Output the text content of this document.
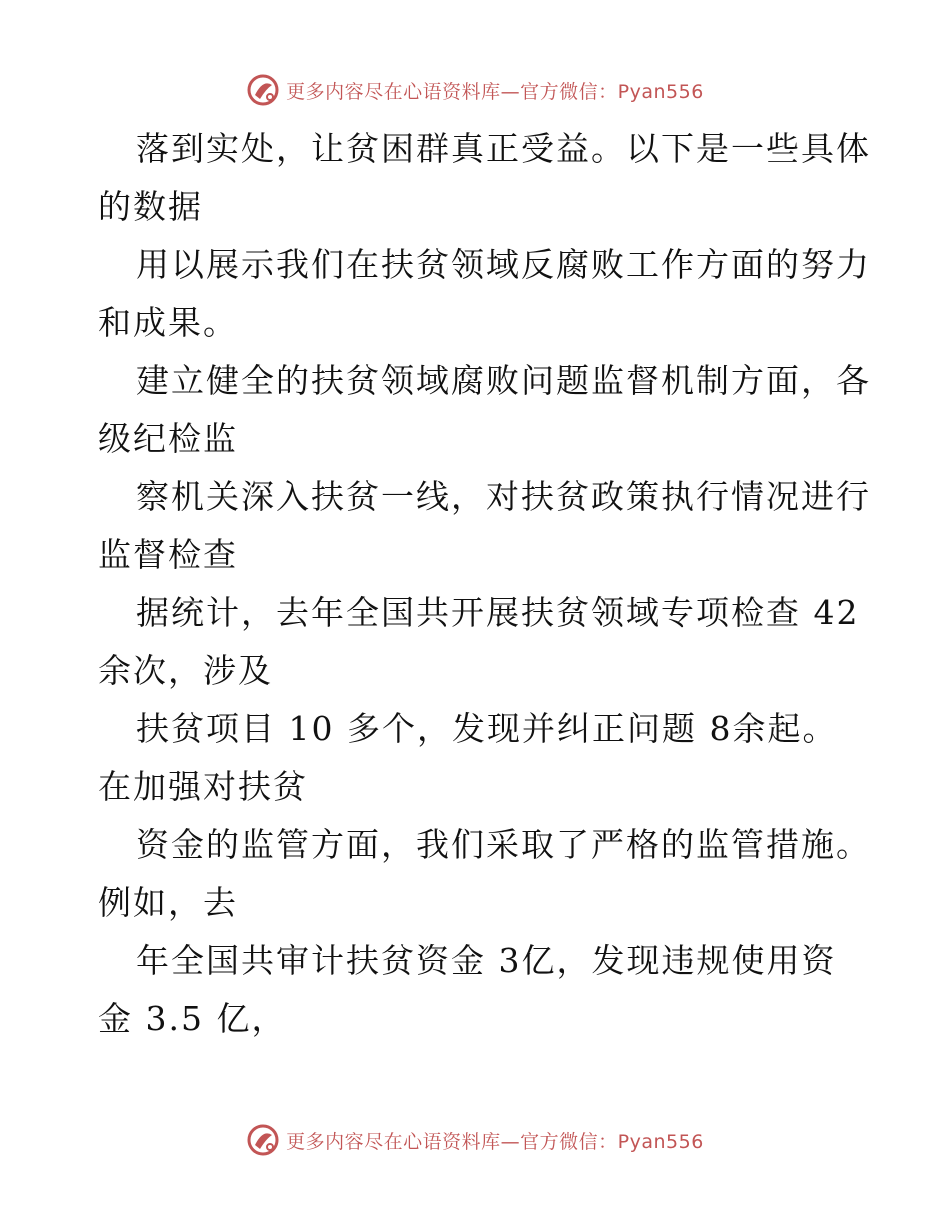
更多内容尽在心语资料库—官方微信：Pyan556
落到实处，让贫困群真正受益。以下是一些具体
的数据
用以展示我们在扶贫领域反腐败工作方面的努力
和成果。
建立健全的扶贫领域腐败问题监督机制方面，各
级纪检监
察机关深入扶贫一线，对扶贫政策执行情况进行
监督检查
据统计，去年全国共开展扶贫领域专项检查 42
余次，涉及
扶贫项目 10 多个，发现并纠正问题 8余起。
在加强对扶贫
资金的监管方面，我们采取了严格的监管措施。
例如，去
年全国共审计扶贫资金 3亿，发现违规使用资
金 3.5 亿，
更多内容尽在心语资料库—官方微信：Pyan556
